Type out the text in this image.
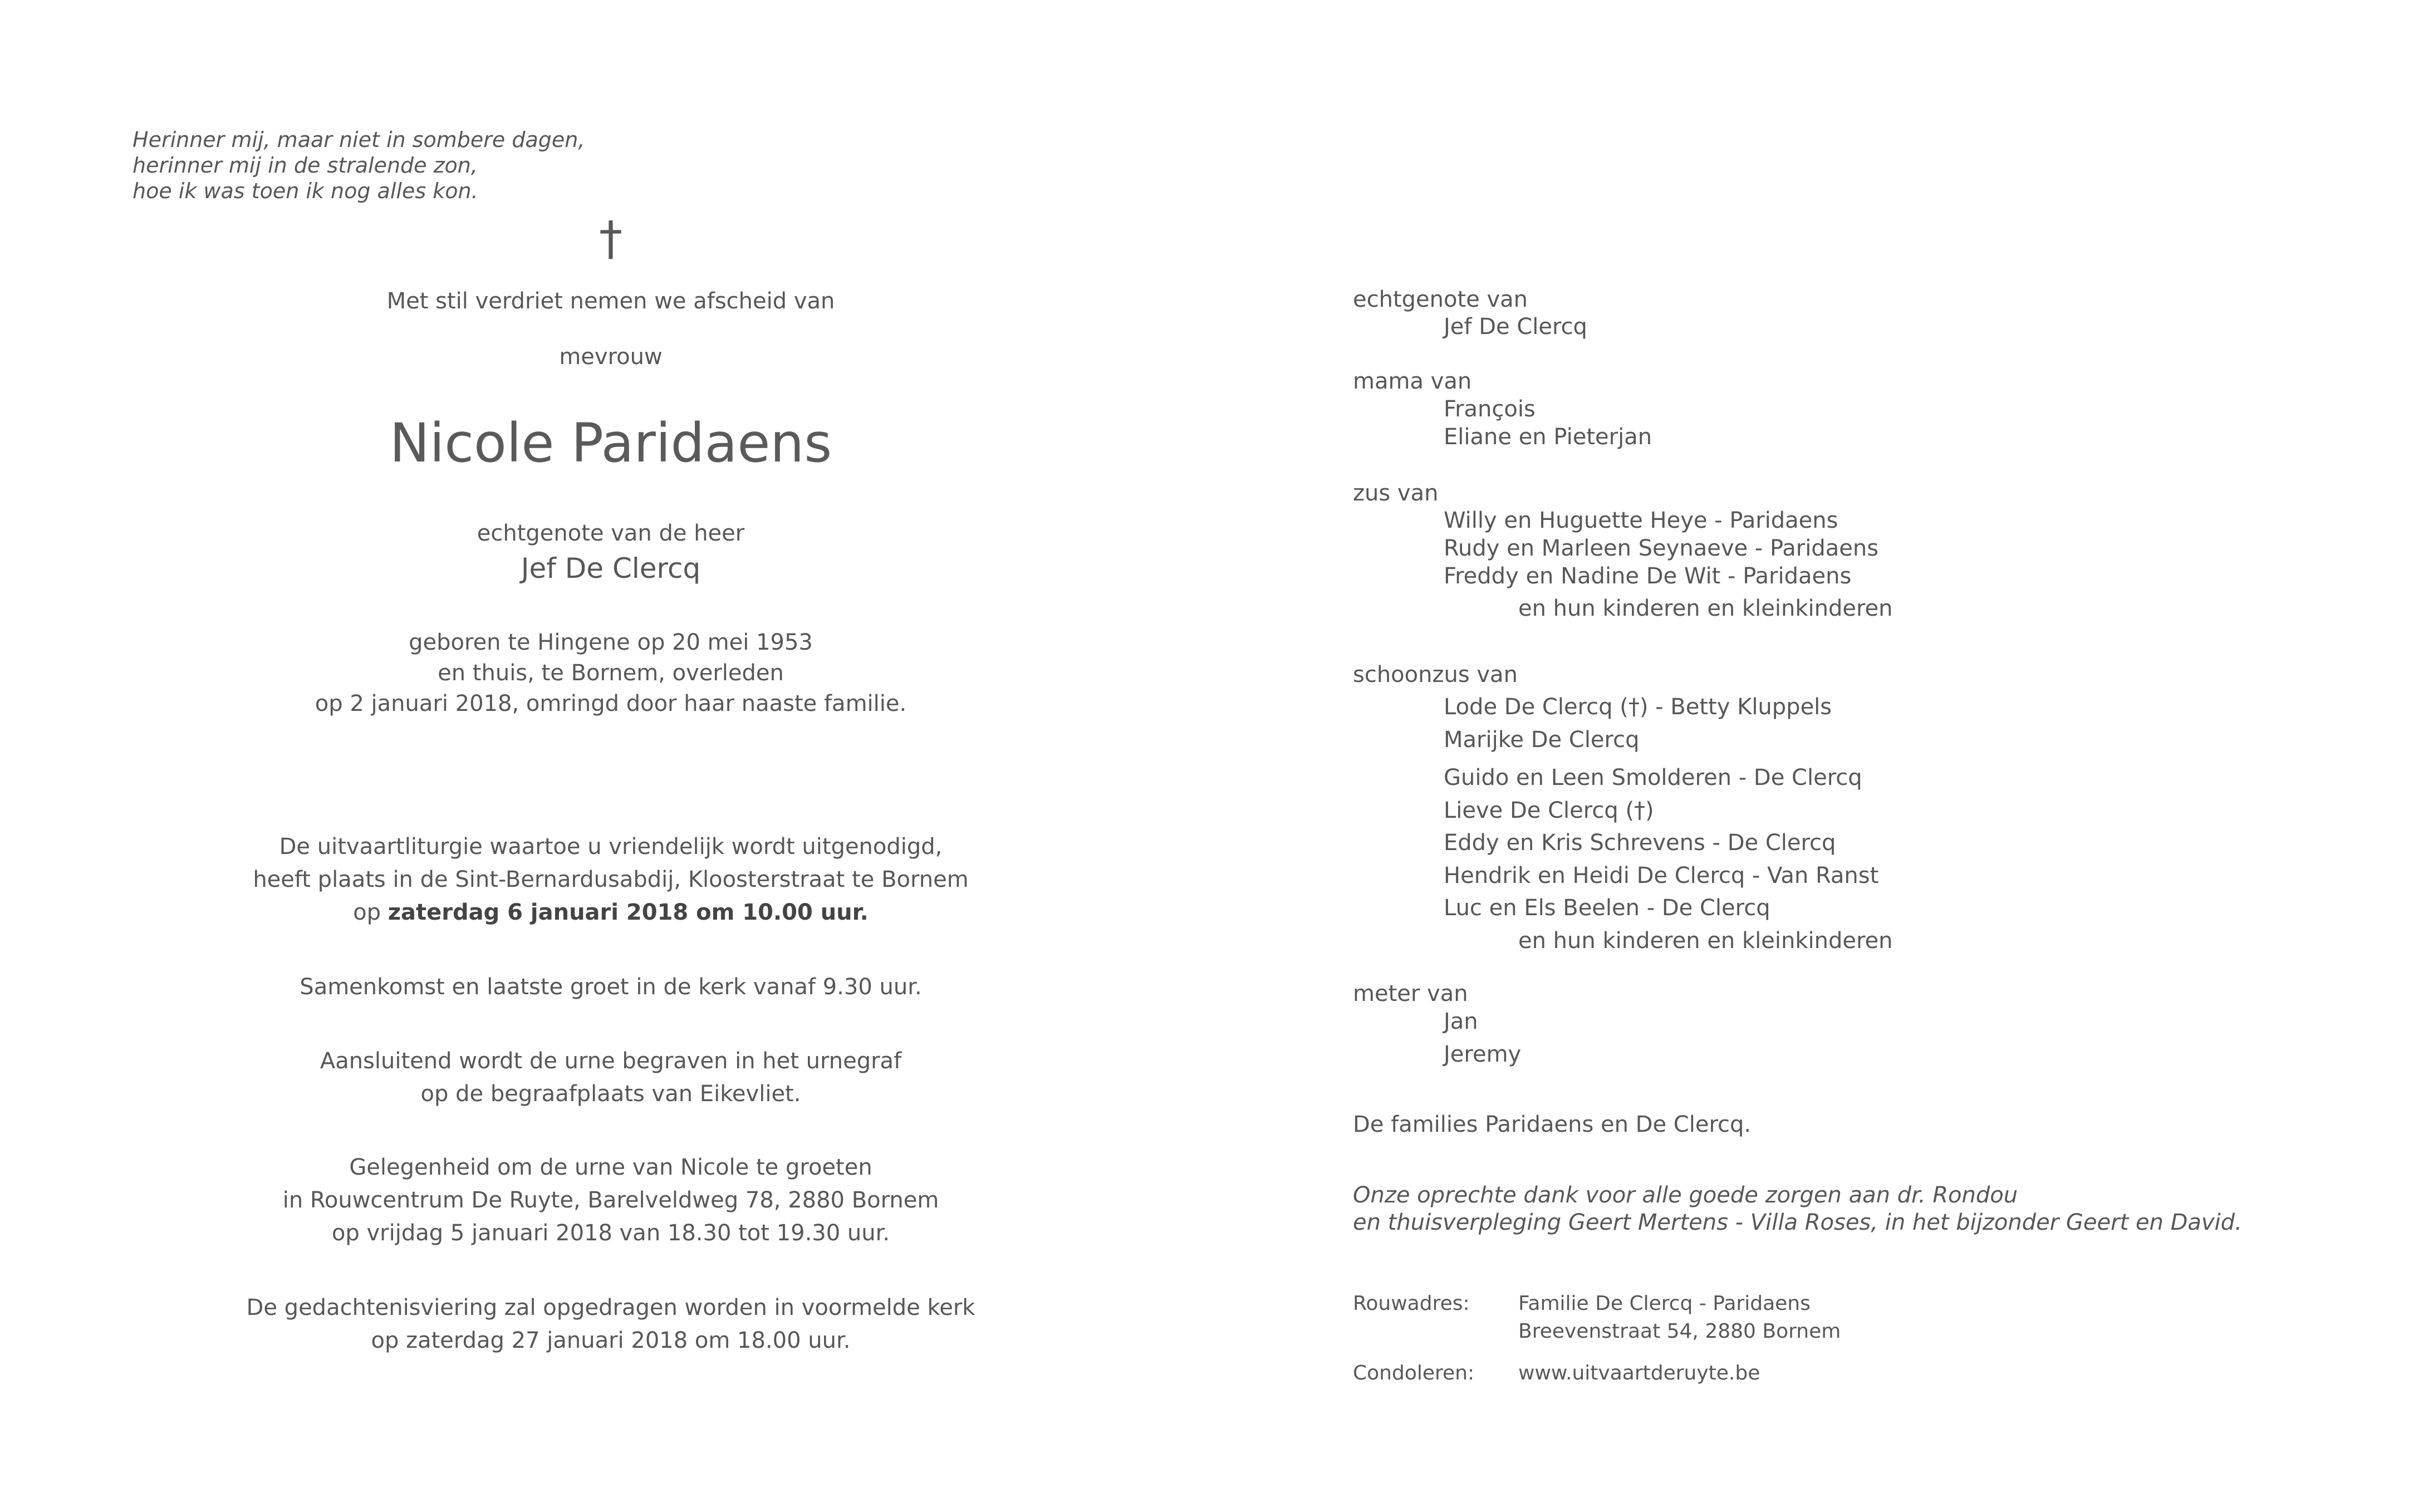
Herinner mij, maar niet in sombere dagen,
herinner mij in de stralende zon,
hoe ik was toen ik nog alles kon.
†
Met stil verdriet nemen we afscheid van
mevrouw
Nicole Paridaens
echtgenote van de heer
Jef De Clercq
geboren te Hingene op 20 mei 1953
en thuis, te Bornem, overleden
op 2 januari 2018, omringd door haar naaste familie.
De uitvaartliturgie waartoe u vriendelijk wordt uitgenodigd,
heeft plaats in de Sint-Bernardusabdij, Kloosterstraat te Bornem
op zaterdag 6 januari 2018 om 10.00 uur.
Samenkomst en laatste groet in de kerk vanaf 9.30 uur.
Aansluitend wordt de urne begraven in het urnegraf
op de begraafplaats van Eikevliet.
Gelegenheid om de urne van Nicole te groeten
in Rouwcentrum De Ruyte, Barelveldweg 78, 2880 Bornem
op vrijdag 5 januari 2018 van 18.30 tot 19.30 uur.
De gedachtenisviering zal opgedragen worden in voormelde kerk
op zaterdag 27 januari 2018 om 18.00 uur.
echtgenote van
Jef De Clercq
mama van
François
Eliane en Pieterjan
zus van
Willy en Huguette Heye - Paridaens
Rudy en Marleen Seynaeve - Paridaens
Freddy en Nadine De Wit - Paridaens
en hun kinderen en kleinkinderen
schoonzus van
Lode De Clercq (†) - Betty Kluppels
Marijke De Clercq
Guido en Leen Smolderen - De Clercq
Lieve De Clercq (†)
Eddy en Kris Schrevens - De Clercq
Hendrik en Heidi De Clercq - Van Ranst
Luc en Els Beelen - De Clercq
en hun kinderen en kleinkinderen
meter van
Jan
Jeremy
De families Paridaens en De Clercq.
Onze oprechte dank voor alle goede zorgen aan dr. Rondou
en thuisverpleging Geert Mertens - Villa Roses, in het bijzonder Geert en David.
Rouwadres: Familie De Clercq - Paridaens
Breevenstraat 54, 2880 Bornem
Condoleren: www.uitvaartderuyte.be
